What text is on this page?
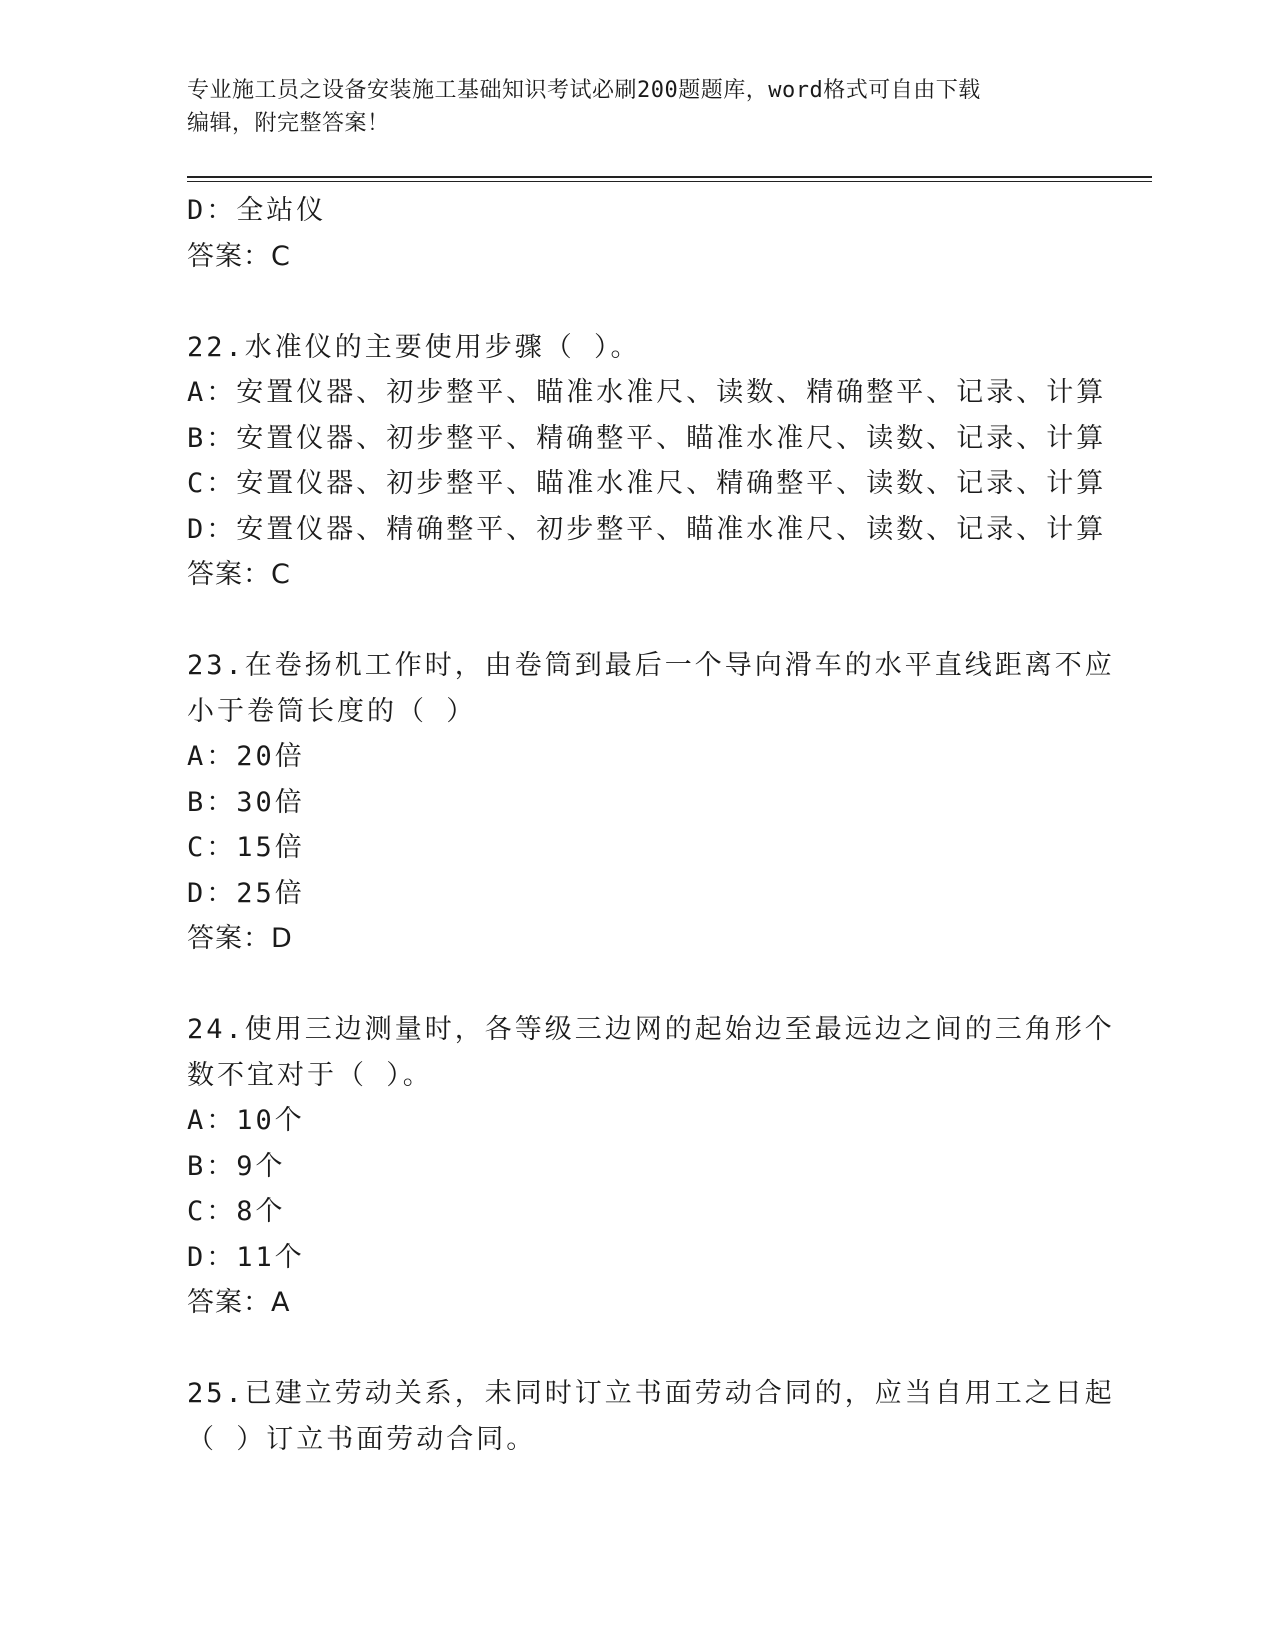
专业施工员之设备安装施工基础知识考试必刷200题题库，word格式可自由下载
编辑，附完整答案！
D：全站仪
答案：C
22.水准仪的主要使用步骤（ ）。
A：安置仪器、初步整平、瞄准水准尺、读数、精确整平、记录、计算
B：安置仪器、初步整平、精确整平、瞄准水准尺、读数、记录、计算
C：安置仪器、初步整平、瞄准水准尺、精确整平、读数、记录、计算
D：安置仪器、精确整平、初步整平、瞄准水准尺、读数、记录、计算
答案：C
23.在卷扬机工作时，由卷筒到最后一个导向滑车的水平直线距离不应
小于卷筒长度的（ ）
A：20倍
B：30倍
C：15倍
D：25倍
答案：D
24.使用三边测量时，各等级三边网的起始边至最远边之间的三角形个
数不宜对于（ ）。
A：10个
B：9个
C：8个
D：11个
答案：A
25.已建立劳动关系，未同时订立书面劳动合同的，应当自用工之日起
（ ）订立书面劳动合同。
